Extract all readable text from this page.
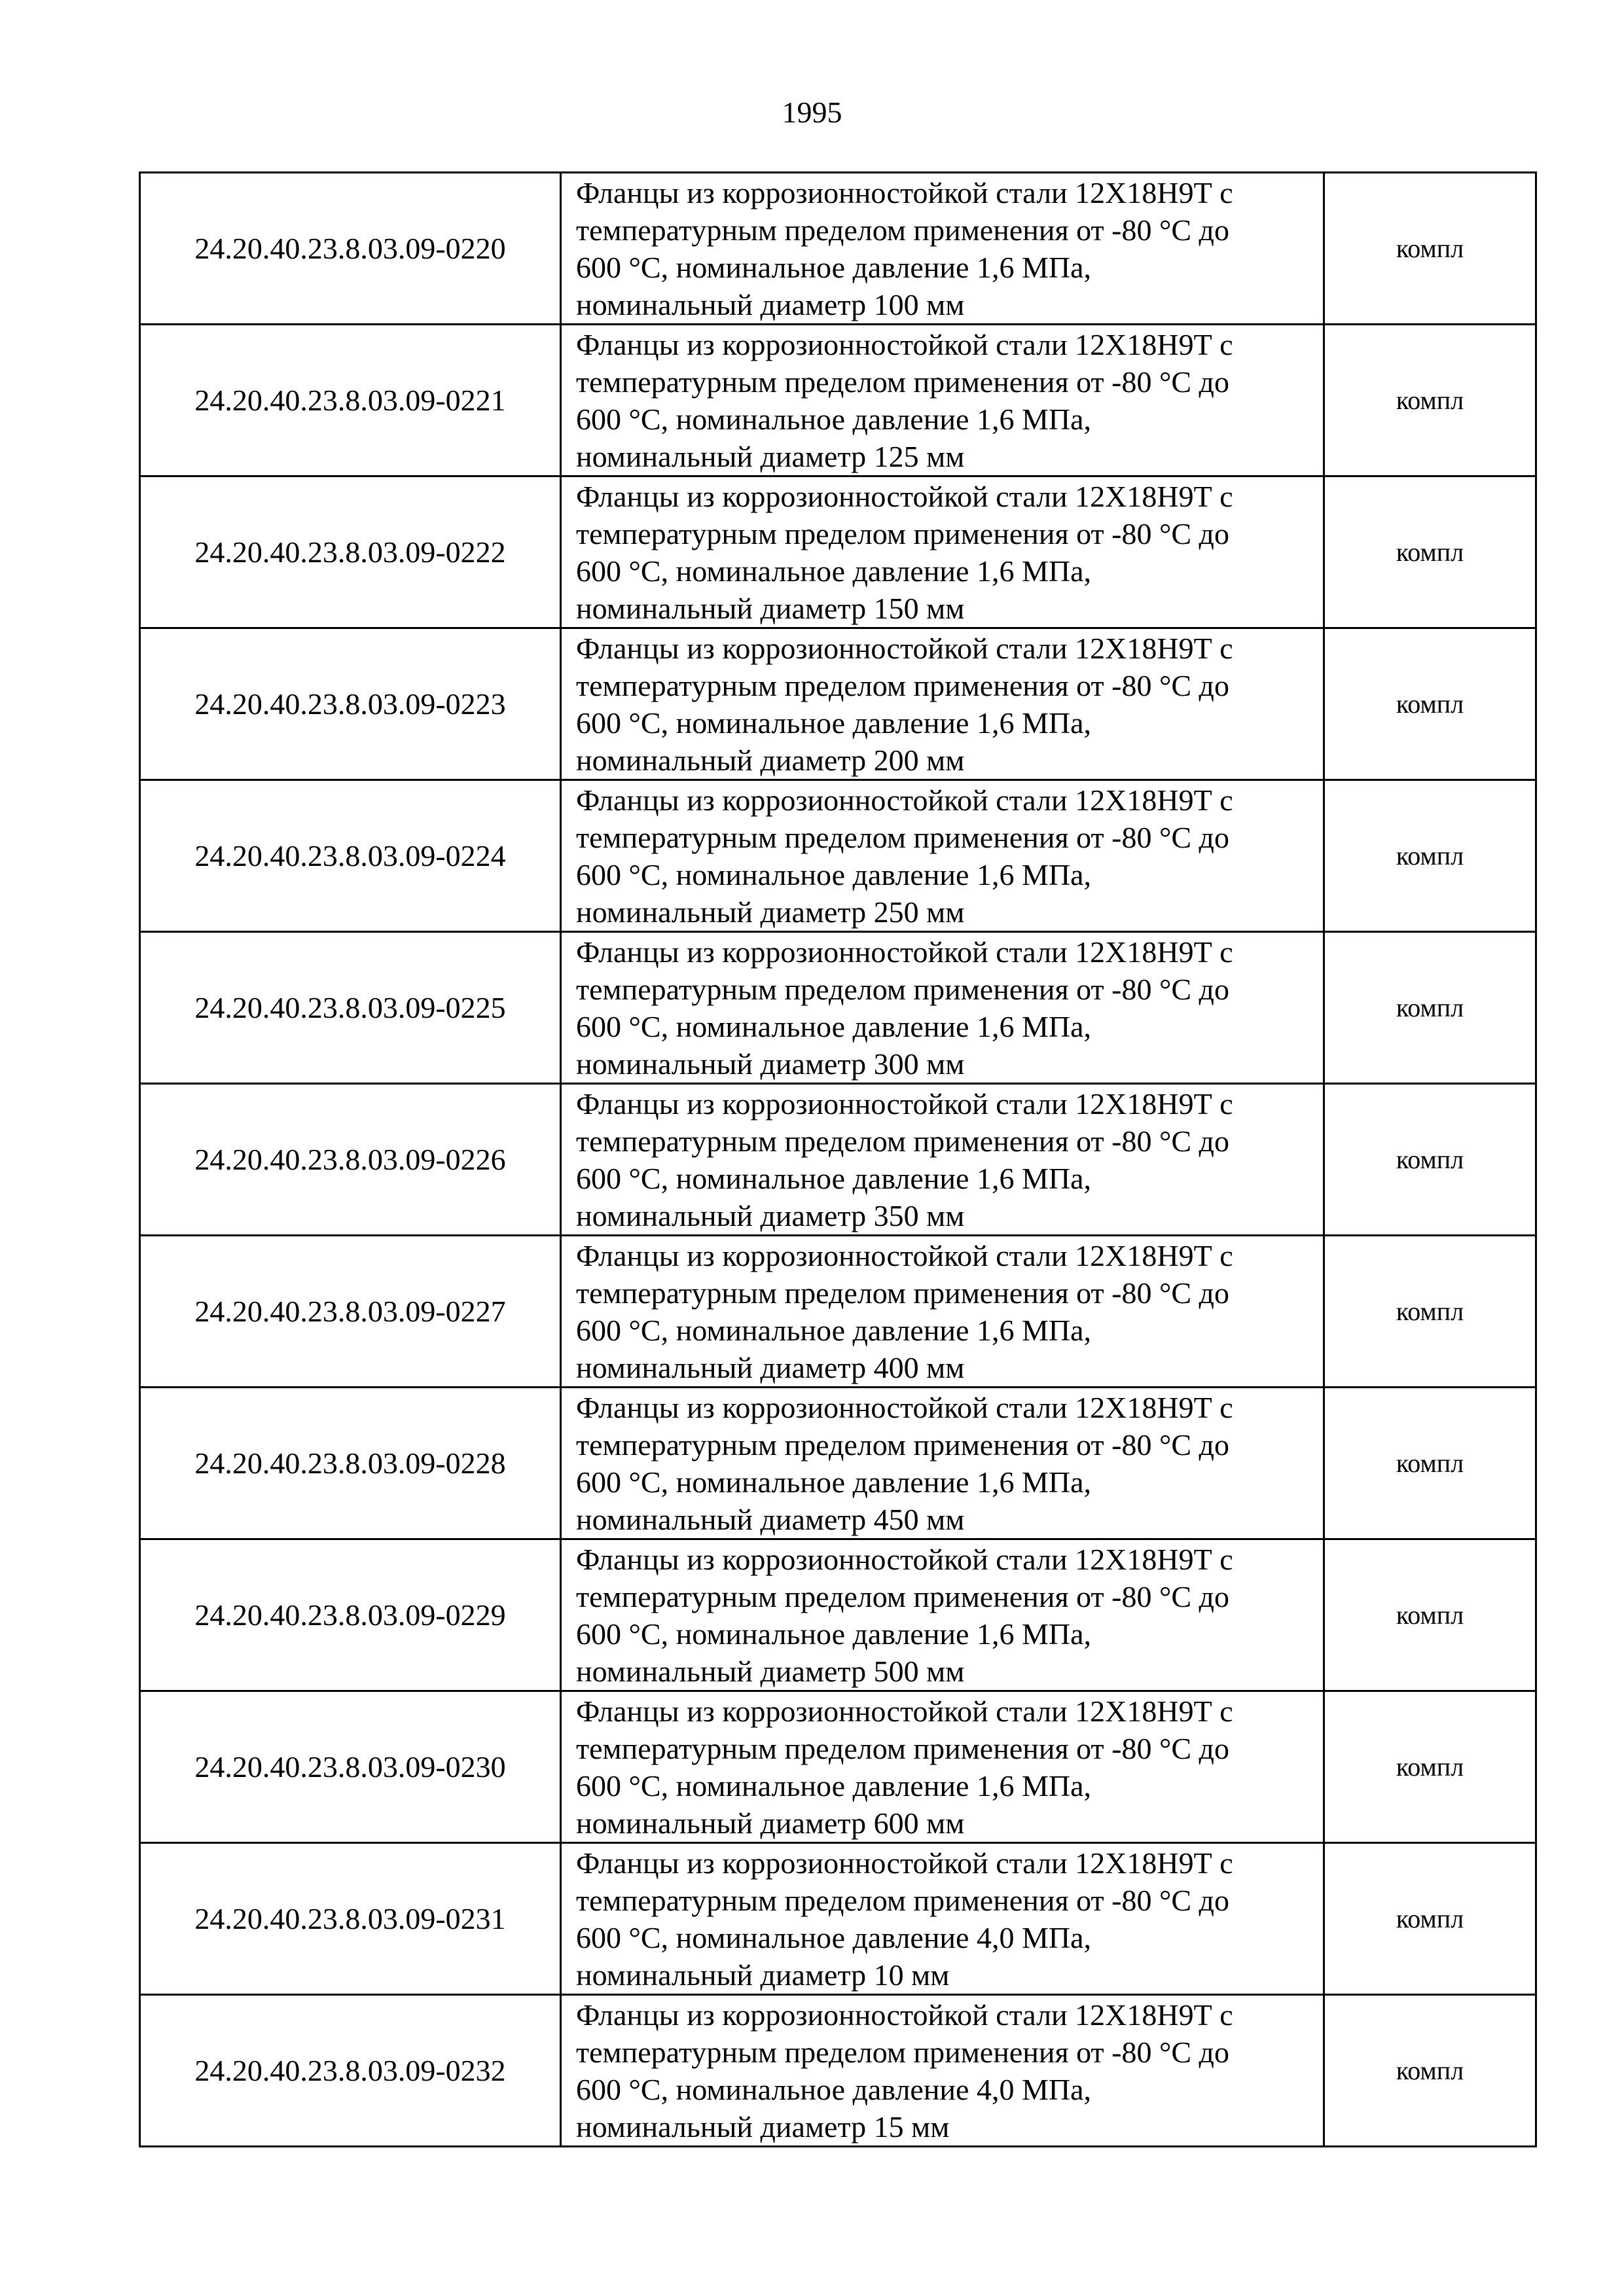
1995
24.20.40.23.8.03.09-0220	Фланцы из коррозионностойкой стали 12Х18Н9Т с
температурным пределом применения от -80 °С до
600 °С, номинальное давление 1,6 МПа,
номинальный диаметр 100 мм	компл
24.20.40.23.8.03.09-0221	Фланцы из коррозионностойкой стали 12Х18Н9Т с
температурным пределом применения от -80 °С до
600 °С, номинальное давление 1,6 МПа,
номинальный диаметр 125 мм	компл
24.20.40.23.8.03.09-0222	Фланцы из коррозионностойкой стали 12Х18Н9Т с
температурным пределом применения от -80 °С до
600 °С, номинальное давление 1,6 МПа,
номинальный диаметр 150 мм	компл
24.20.40.23.8.03.09-0223	Фланцы из коррозионностойкой стали 12Х18Н9Т с
температурным пределом применения от -80 °С до
600 °С, номинальное давление 1,6 МПа,
номинальный диаметр 200 мм	компл
24.20.40.23.8.03.09-0224	Фланцы из коррозионностойкой стали 12Х18Н9Т с
температурным пределом применения от -80 °С до
600 °С, номинальное давление 1,6 МПа,
номинальный диаметр 250 мм	компл
24.20.40.23.8.03.09-0225	Фланцы из коррозионностойкой стали 12Х18Н9Т с
температурным пределом применения от -80 °С до
600 °С, номинальное давление 1,6 МПа,
номинальный диаметр 300 мм	компл
24.20.40.23.8.03.09-0226	Фланцы из коррозионностойкой стали 12Х18Н9Т с
температурным пределом применения от -80 °С до
600 °С, номинальное давление 1,6 МПа,
номинальный диаметр 350 мм	компл
24.20.40.23.8.03.09-0227	Фланцы из коррозионностойкой стали 12Х18Н9Т с
температурным пределом применения от -80 °С до
600 °С, номинальное давление 1,6 МПа,
номинальный диаметр 400 мм	компл
24.20.40.23.8.03.09-0228	Фланцы из коррозионностойкой стали 12Х18Н9Т с
температурным пределом применения от -80 °С до
600 °С, номинальное давление 1,6 МПа,
номинальный диаметр 450 мм	компл
24.20.40.23.8.03.09-0229	Фланцы из коррозионностойкой стали 12Х18Н9Т с
температурным пределом применения от -80 °С до
600 °С, номинальное давление 1,6 МПа,
номинальный диаметр 500 мм	компл
24.20.40.23.8.03.09-0230	Фланцы из коррозионностойкой стали 12Х18Н9Т с
температурным пределом применения от -80 °С до
600 °С, номинальное давление 1,6 МПа,
номинальный диаметр 600 мм	компл
24.20.40.23.8.03.09-0231	Фланцы из коррозионностойкой стали 12Х18Н9Т с
температурным пределом применения от -80 °С до
600 °С, номинальное давление 4,0 МПа,
номинальный диаметр 10 мм	компл
24.20.40.23.8.03.09-0232	Фланцы из коррозионностойкой стали 12Х18Н9Т с
температурным пределом применения от -80 °С до
600 °С, номинальное давление 4,0 МПа,
номинальный диаметр 15 мм	компл
